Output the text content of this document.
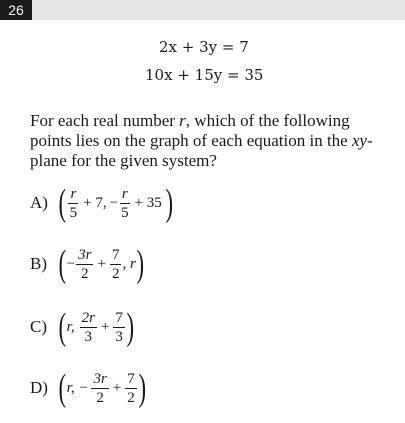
26
2x + 3y = 7
10x + 15y = 35
For each real number r, which of the following points lies on the graph of each equation in the xy-plane for the given system?
A) ( $\frac{r}{5} + 7$, − $\frac{r}{5} + 35$ )
B) ( − $\frac{3r}{2} + \frac{7}{2}$ , r )
C) ( r, $\frac{2r}{3} + \frac{7}{3}$ )
D) ( r, − $\frac{3r}{2} + \frac{7}{2}$ )
